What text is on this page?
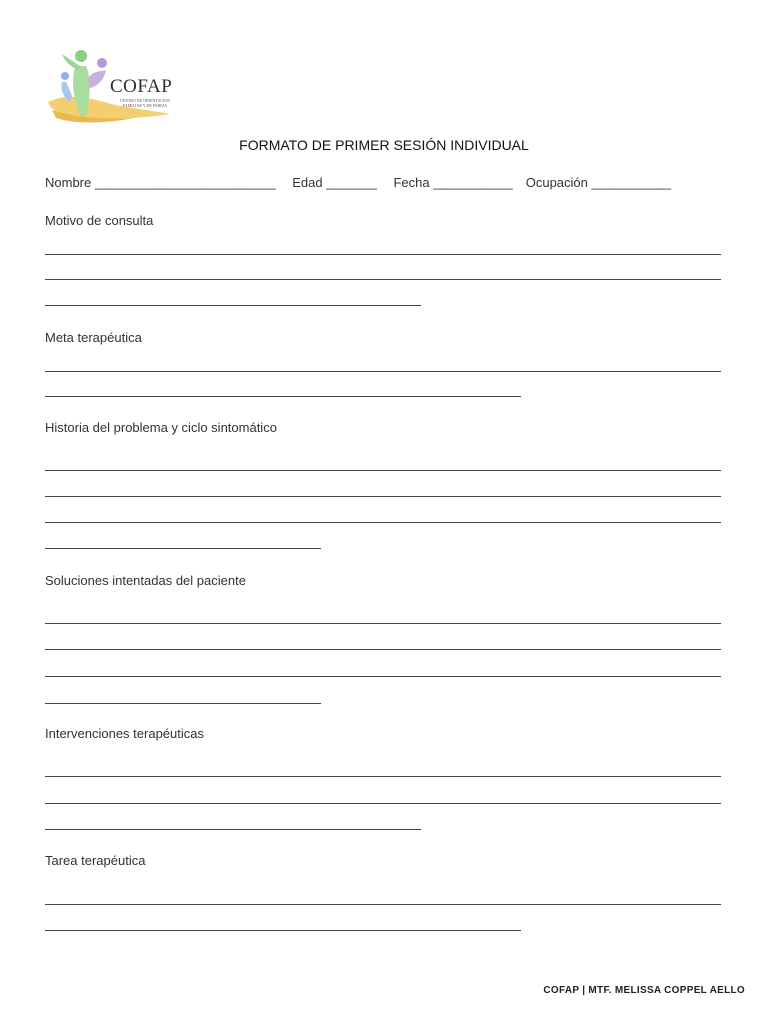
COFAP
CENTRO DE ORIENTACION FAMILIAR Y DE PAREJA
FORMATO DE PRIMER SESIÓN INDIVIDUAL
Nombre _________________________ Edad _______ Fecha ___________ Ocupación ___________
Motivo de consulta
Meta terapéutica
Historia del problema y ciclo sintomático
Soluciones intentadas del paciente
Intervenciones terapéuticas
Tarea terapéutica
COFAP | MTF. MELISSA COPPEL AELLO
